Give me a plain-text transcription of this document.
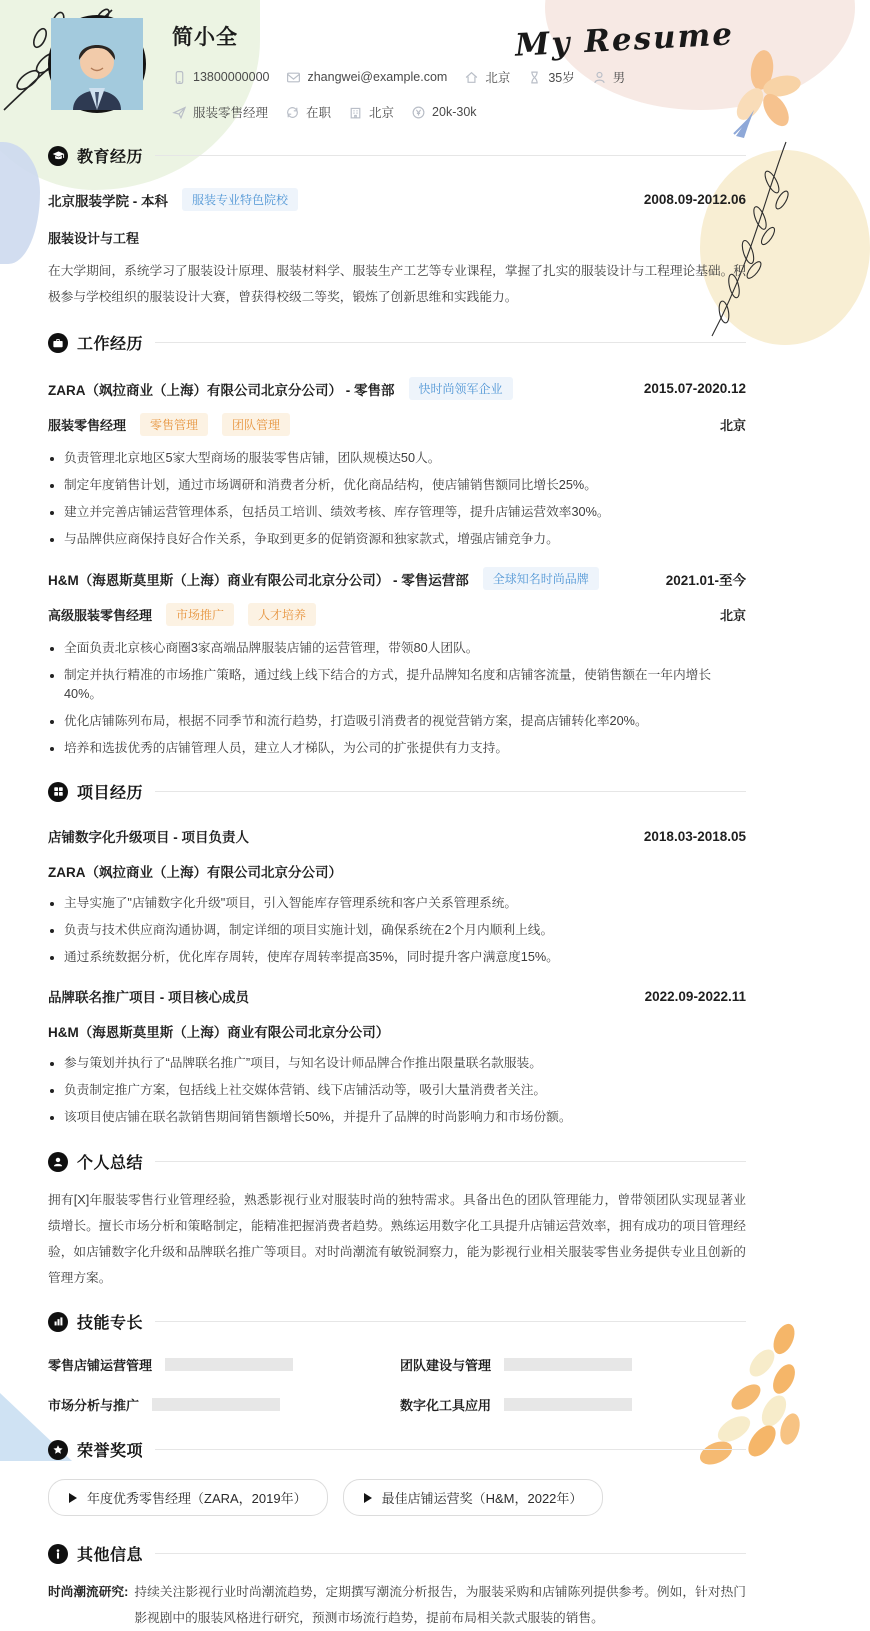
简小全
13800000000	zhangwei@example.com	北京	35岁	男
服装零售经理	在职	北京	20k-30k
My Resume
教育经历
北京服装学院 - 本科	服装专业特色院校	2008.09-2012.06
服装设计与工程
在大学期间，系统学习了服装设计原理、服装材料学、服装生产工艺等专业课程，掌握了扎实的服装设计与工程理论基础。积极参与学校组织的服装设计大赛，曾获得校级二等奖，锻炼了创新思维和实践能力。
工作经历
ZARA（飒拉商业（上海）有限公司北京分公司） - 零售部	快时尚领军企业	2015.07-2020.12
服装零售经理	零售管理	团队管理	北京
负责管理北京地区5家大型商场的服装零售店铺，团队规模达50人。
制定年度销售计划，通过市场调研和消费者分析，优化商品结构，使店铺销售额同比增长25%。
建立并完善店铺运营管理体系，包括员工培训、绩效考核、库存管理等，提升店铺运营效率30%。
与品牌供应商保持良好合作关系，争取到更多的促销资源和独家款式，增强店铺竞争力。
H&M（海恩斯莫里斯（上海）商业有限公司北京分公司） - 零售运营部	全球知名时尚品牌	2021.01-至今
高级服装零售经理	市场推广	人才培养	北京
全面负责北京核心商圈3家高端品牌服装店铺的运营管理，带领80人团队。
制定并执行精准的市场推广策略，通过线上线下结合的方式，提升品牌知名度和店铺客流量，使销售额在一年内增长40%。
优化店铺陈列布局，根据不同季节和流行趋势，打造吸引消费者的视觉营销方案，提高店铺转化率20%。
培养和选拔优秀的店铺管理人员，建立人才梯队，为公司的扩张提供有力支持。
项目经历
店铺数字化升级项目 - 项目负责人	2018.03-2018.05
ZARA（飒拉商业（上海）有限公司北京分公司）
主导实施了"店铺数字化升级"项目，引入智能库存管理系统和客户关系管理系统。
负责与技术供应商沟通协调，制定详细的项目实施计划，确保系统在2个月内顺利上线。
通过系统数据分析，优化库存周转，使库存周转率提高35%，同时提升客户满意度15%。
品牌联名推广项目 - 项目核心成员	2022.09-2022.11
H&M（海恩斯莫里斯（上海）商业有限公司北京分公司）
参与策划并执行了“品牌联名推广”项目，与知名设计师品牌合作推出限量联名款服装。
负责制定推广方案，包括线上社交媒体营销、线下店铺活动等，吸引大量消费者关注。
该项目使店铺在联名款销售期间销售额增长50%，并提升了品牌的时尚影响力和市场份额。
个人总结
拥有[X]年服装零售行业管理经验，熟悉影视行业对服装时尚的独特需求。具备出色的团队管理能力，曾带领团队实现显著业绩增长。擅长市场分析和策略制定，能精准把握消费者趋势。熟练运用数字化工具提升店铺运营效率，拥有成功的项目管理经验，如店铺数字化升级和品牌联名推广等项目。对时尚潮流有敏锐洞察力，能为影视行业相关服装零售业务提供专业且创新的管理方案。
技能专长
零售店铺运营管理	团队建设与管理
市场分析与推广	数字化工具应用
荣誉奖项
年度优秀零售经理（ZARA，2019年）	最佳店铺运营奖（H&M，2022年）
其他信息
时尚潮流研究: 持续关注影视行业时尚潮流趋势，定期撰写潮流分析报告，为服装采购和店铺陈列提供参考。例如，针对热门影视剧中的服装风格进行研究，预测市场流行趋势，提前布局相关款式服装的销售。
